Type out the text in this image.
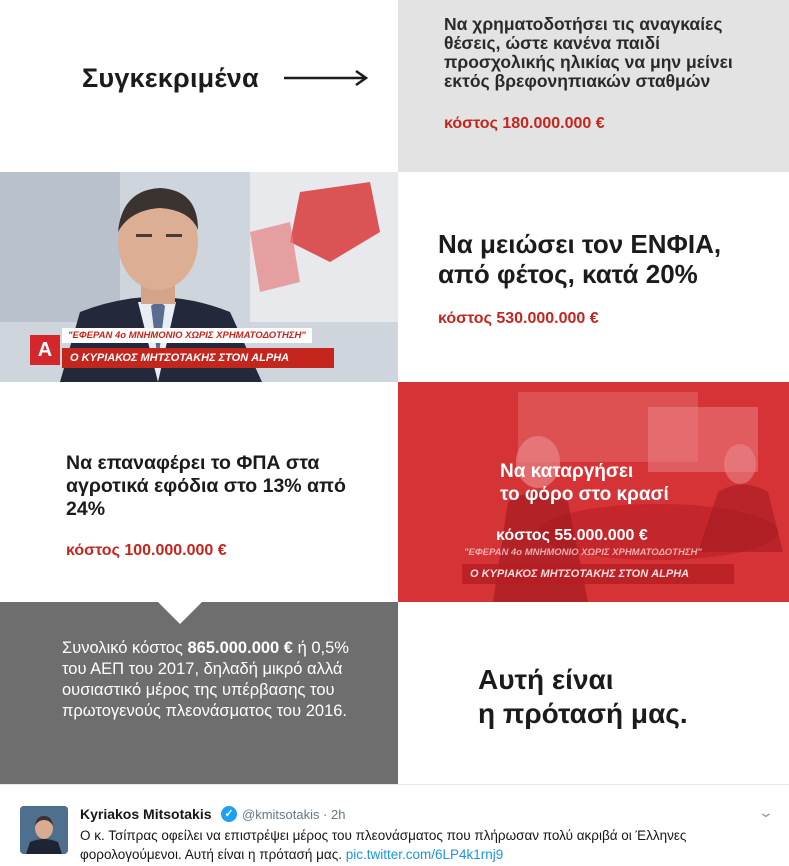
Συγκεκριμένα
Να χρηματοδοτήσει τις αναγκαίες θέσεις, ώστε κανένα παιδί προσχολικής ηλικίας να μην μείνει εκτός βρεφονηπιακών σταθμών
κόστος 180.000.000 €
"ΕΦΕΡΑΝ 4ο ΜΝΗΜΟΝΙΟ ΧΩΡΙΣ ΧΡΗΜΑΤΟΔΟΤΗΣΗ"
Ο ΚΥΡΙΑΚΟΣ ΜΗΤΣΟΤΑΚΗΣ ΣΤΟΝ ALPHA
A
Να μειώσει τον ΕΝΦΙΑ,
από φέτος, κατά 20%
κόστος 530.000.000 €
Να επαναφέρει το ΦΠΑ στα αγροτικά εφόδια στο 13% από 24%
κόστος 100.000.000 €	"ΕΦΕΡΑΝ 4ο ΜΝΗΜΟΝΙΟ ΧΩΡΙΣ ΧΡΗΜΑΤΟΔΟΤΗΣΗ"
Ο ΚΥΡΙΑΚΟΣ ΜΗΤΣΟΤΑΚΗΣ ΣΤΟΝ ALPHA
Να καταργήσει
το φόρο στο κρασί
κόστος 55.000.000 €
Συνολικό κόστος 865.000.000 € ή 0,5% του ΑΕΠ του 2017, δηλαδή μικρό αλλά ουσιαστικό μέρος της υπέρβασης του πρωτογενούς πλεονάσματος του 2016.
Αυτή είναι
η πρότασή μας.
Kyriakos Mitsotakis	✓ @kmitsotakis · 2h	⌄
Ο κ. Τσίπρας οφείλει να επιστρέψει μέρος του πλεονάσματος που πλήρωσαν πολύ ακριβά οι Έλληνες φορολογούμενοι. Αυτή είναι η πρότασή μας. pic.twitter.com/6LP4k1rnj9
